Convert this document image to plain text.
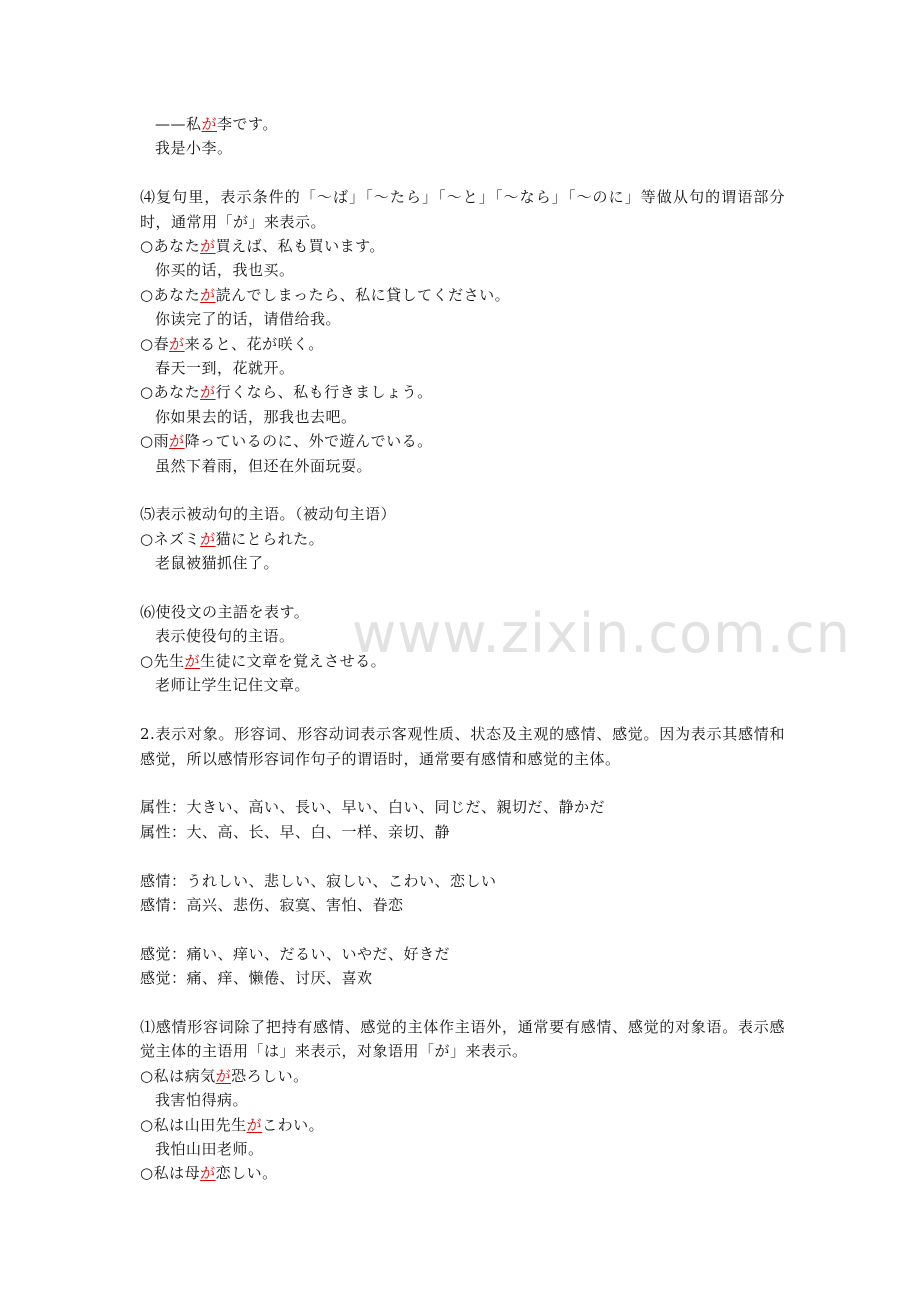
——私が李です。
我是小李。
⑷复句里，表示条件的「～ば」「～たら」「～と」「～なら」「～のに」等做从句的谓语部分时，通常用「が」来表示。
○あなたが買えば、私も買います。
你买的话，我也买。
○あなたが読んでしまったら、私に貸してください。
你读完了的话，请借给我。
○春が来ると、花が咲く。
春天一到，花就开。
○あなたが行くなら、私も行きましょう。
你如果去的话，那我也去吧。
○雨が降っているのに、外で遊んでいる。
虽然下着雨，但还在外面玩耍。
⑸表示被动句的主语。（被动句主语）
○ネズミが猫にとられた。
老鼠被猫抓住了。
⑹使役文の主語を表す。
表示使役句的主语。
○先生が生徒に文章を覚えさせる。
老师让学生记住文章。
2.表示对象。形容词、形容动词表示客观性质、状态及主观的感情、感觉。因为表示其感情和感觉，所以感情形容词作句子的谓语时，通常要有感情和感觉的主体。
属性：大きい、高い、長い、早い、白い、同じだ、親切だ、静かだ
属性：大、高、长、早、白、一样、亲切、静
感情：うれしい、悲しい、寂しい、こわい、恋しい
感情：高兴、悲伤、寂寞、害怕、眷恋
感觉：痛い、痒い、だるい、いやだ、好きだ
感觉：痛、痒、懒倦、讨厌、喜欢
⑴感情形容词除了把持有感情、感觉的主体作主语外，通常要有感情、感觉的对象语。表示感觉主体的主语用「は」来表示，对象语用「が」来表示。
○私は病気が恐ろしい。
我害怕得病。
○私は山田先生がこわい。
我怕山田老师。
○私は母が恋しい。
www.zixin.com.cn
